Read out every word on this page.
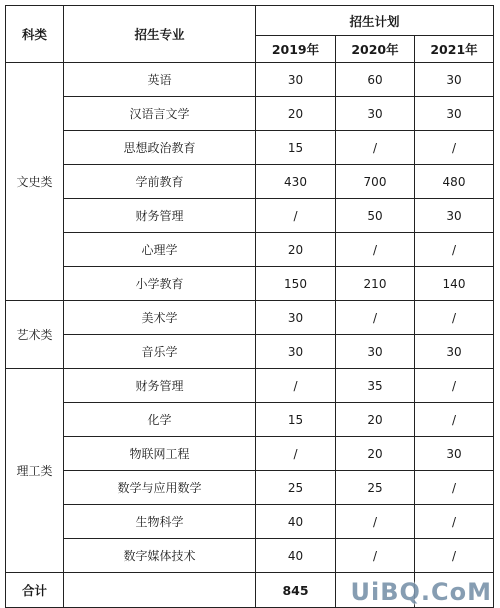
科类	招生专业	招生计划		
		2019年	2020年	2021年
文史类	英语	30	60	30
	汉语言文学	20	30	30
	思想政治教育	15	/	/
	学前教育	430	700	480
	财务管理	/	50	30
	心理学	20	/	/
	小学教育	150	210	140
艺术类	美术学	30	/	/
	音乐学	30	30	30
理工类	财务管理	/	35	/
	化学	15	20	/
	物联网工程	/	20	30
	数学与应用数学	25	25	/
	生物科学	40	/	/
	数字媒体技术	40	/	/
合计		845		UiBQ.CoM
